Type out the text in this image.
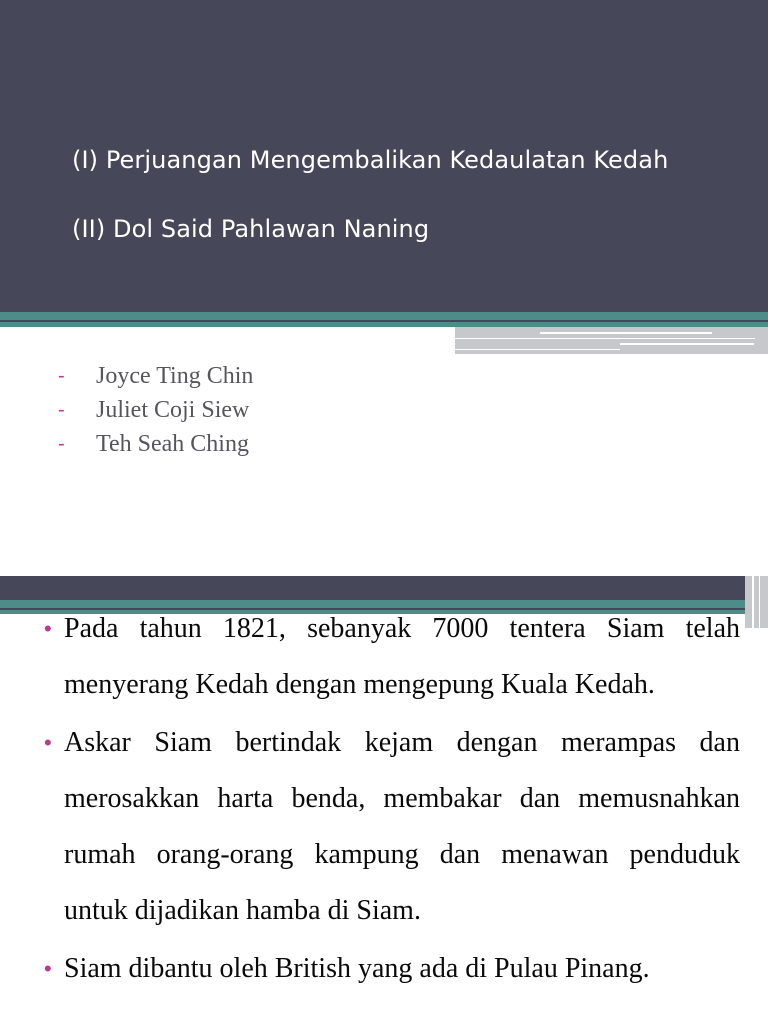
(I) Perjuangan Mengembalikan Kedaulatan Kedah
(II) Dol Said Pahlawan Naning
-	Joyce Ting Chin
-	Juliet Coji Siew
-	Teh Seah Ching
• Pada tahun 1821, sebanyak 7000 tentera Siam telah menyerang Kedah dengan mengepung Kuala Kedah.

• Askar Siam bertindak kejam dengan merampas dan merosakkan harta benda, membakar dan memusnahkan rumah orang-orang kampung dan menawan penduduk untuk dijadikan hamba di Siam.

• Siam dibantu oleh British yang ada di Pulau Pinang.
